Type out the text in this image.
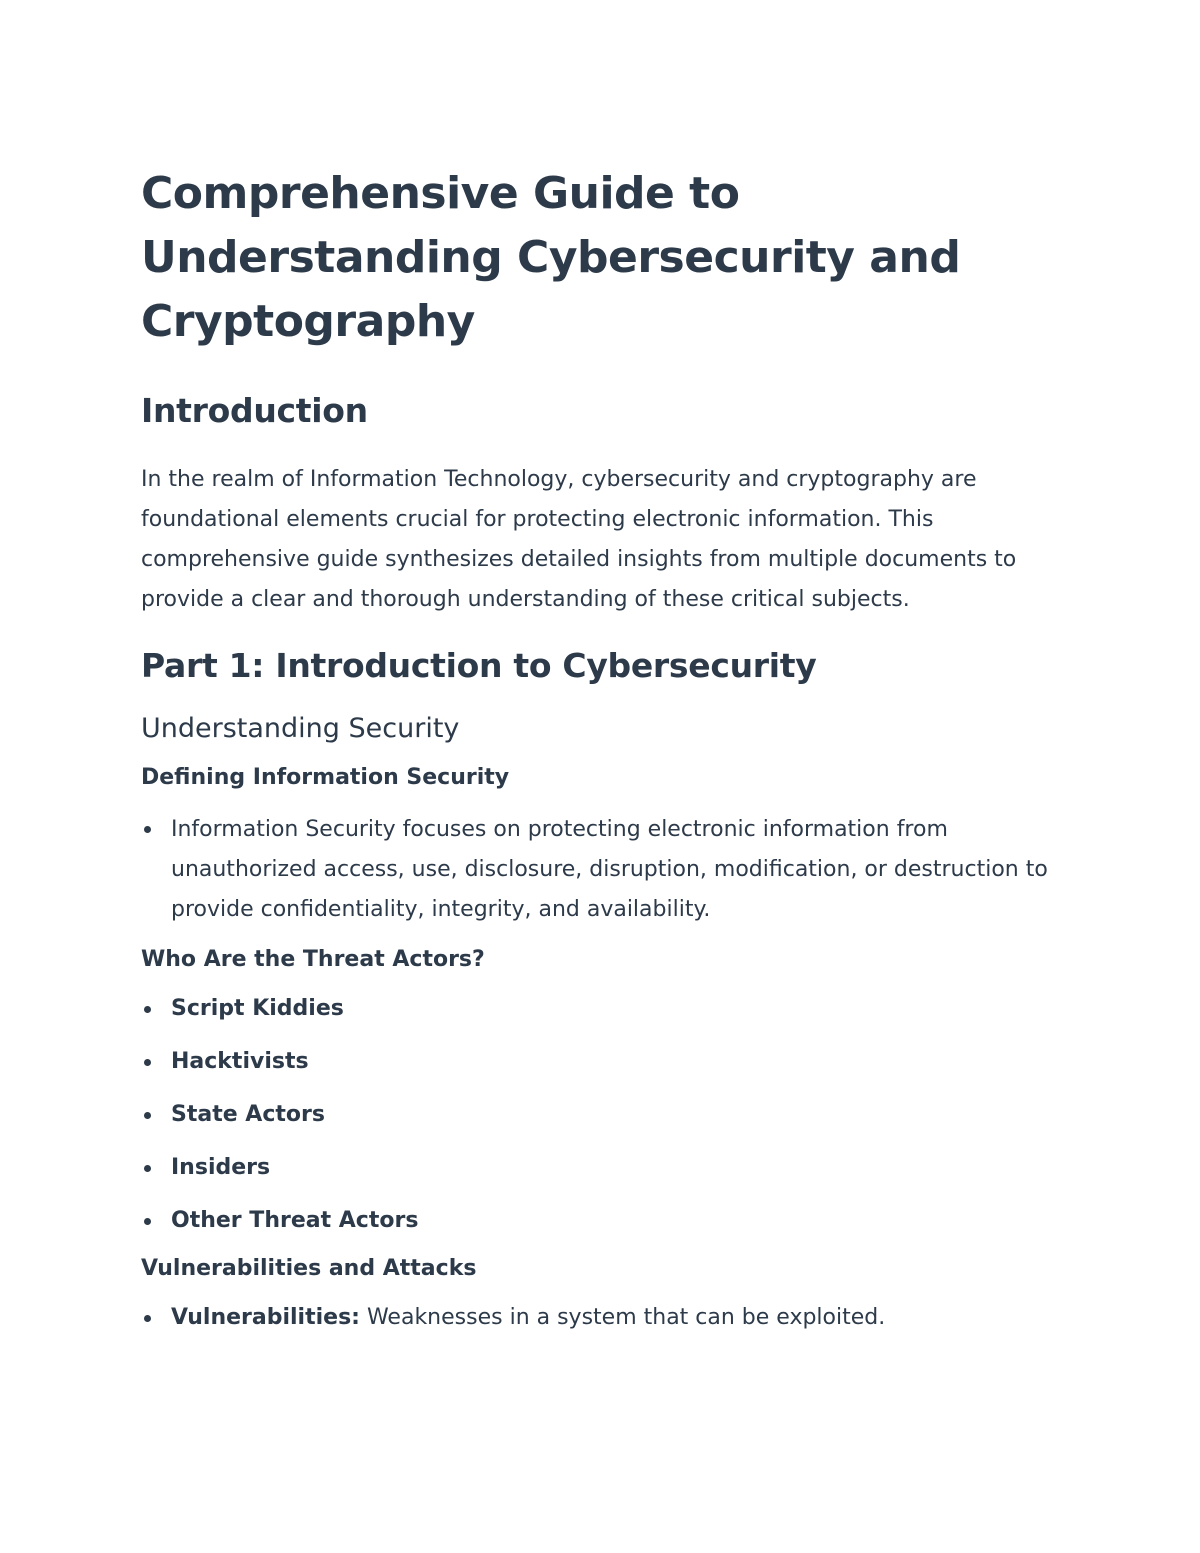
Comprehensive Guide to Understanding Cybersecurity and Cryptography
Introduction

In the realm of Information Technology, cybersecurity and cryptography are foundational elements crucial for protecting electronic information. This comprehensive guide synthesizes detailed insights from multiple documents to provide a clear and thorough understanding of these critical subjects.

Part 1: Introduction to Cybersecurity
Understanding Security
Defining Information Security
Information Security focuses on protecting electronic information from unauthorized access, use, disclosure, disruption, modification, or destruction to provide confidentiality, integrity, and availability.
Who Are the Threat Actors?
Script Kiddies
Hacktivists
State Actors
Insiders
Other Threat Actors
Vulnerabilities and Attacks
Vulnerabilities: Weaknesses in a system that can be exploited.
